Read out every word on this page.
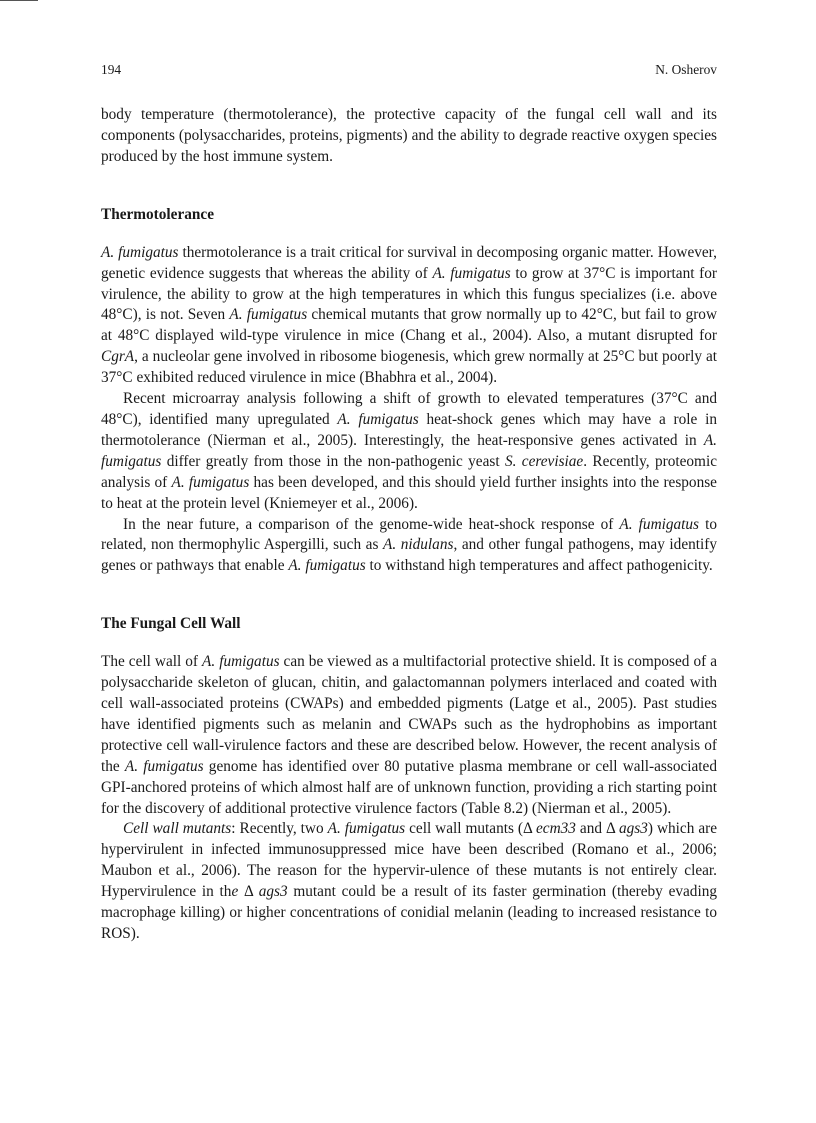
194	N. Osherov

body temperature (thermotolerance), the protective capacity of the fungal cell wall and its components (polysaccharides, proteins, pigments) and the ability to degrade reactive oxygen species produced by the host immune system.

Thermotolerance

A. fumigatus thermotolerance is a trait critical for survival in decomposing organic matter. However, genetic evidence suggests that whereas the ability of A. fumigatus to grow at 37°C is important for virulence, the ability to grow at the high temperatures in which this fungus specializes (i.e. above 48°C), is not. Seven A. fumigatus chemical mutants that grow normally up to 42°C, but fail to grow at 48°C displayed wild-type virulence in mice (Chang et al., 2004). Also, a mutant disrupted for CgrA, a nucleolar gene involved in ribosome biogenesis, which grew normally at 25°C but poorly at 37°C exhibited reduced virulence in mice (Bhabhra et al., 2004).

Recent microarray analysis following a shift of growth to elevated temperatures (37°C and 48°C), identified many upregulated A. fumigatus heat-shock genes which may have a role in thermotolerance (Nierman et al., 2005). Interestingly, the heat-responsive genes activated in A. fumigatus differ greatly from those in the non-pathogenic yeast S. cerevisiae. Recently, proteomic analysis of A. fumigatus has been developed, and this should yield further insights into the response to heat at the protein level (Kniemeyer et al., 2006).

In the near future, a comparison of the genome-wide heat-shock response of A. fumigatus to related, non thermophylic Aspergilli, such as A. nidulans, and other fungal pathogens, may identify genes or pathways that enable A. fumigatus to withstand high temperatures and affect pathogenicity.

The Fungal Cell Wall

The cell wall of A. fumigatus can be viewed as a multifactorial protective shield. It is composed of a polysaccharide skeleton of glucan, chitin, and galactomannan polymers interlaced and coated with cell wall-associated proteins (CWAPs) and embedded pigments (Latge et al., 2005). Past studies have identified pigments such as melanin and CWAPs such as the hydrophobins as important protective cell wall-virulence factors and these are described below. However, the recent analysis of the A. fumigatus genome has identified over 80 putative plasma membrane or cell wall-associated GPI-anchored proteins of which almost half are of unknown function, providing a rich starting point for the discovery of additional protective virulence factors (Table 8.2) (Nierman et al., 2005).

Cell wall mutants: Recently, two A. fumigatus cell wall mutants (Δ ecm33 and Δ ags3) which are hypervirulent in infected immunosuppressed mice have been described (Romano et al., 2006; Maubon et al., 2006). The reason for the hypervir-ulence of these mutants is not entirely clear. Hypervirulence in the Δ ags3 mutant could be a result of its faster germination (thereby evading macrophage killing) or higher concentrations of conidial melanin (leading to increased resistance to ROS).
